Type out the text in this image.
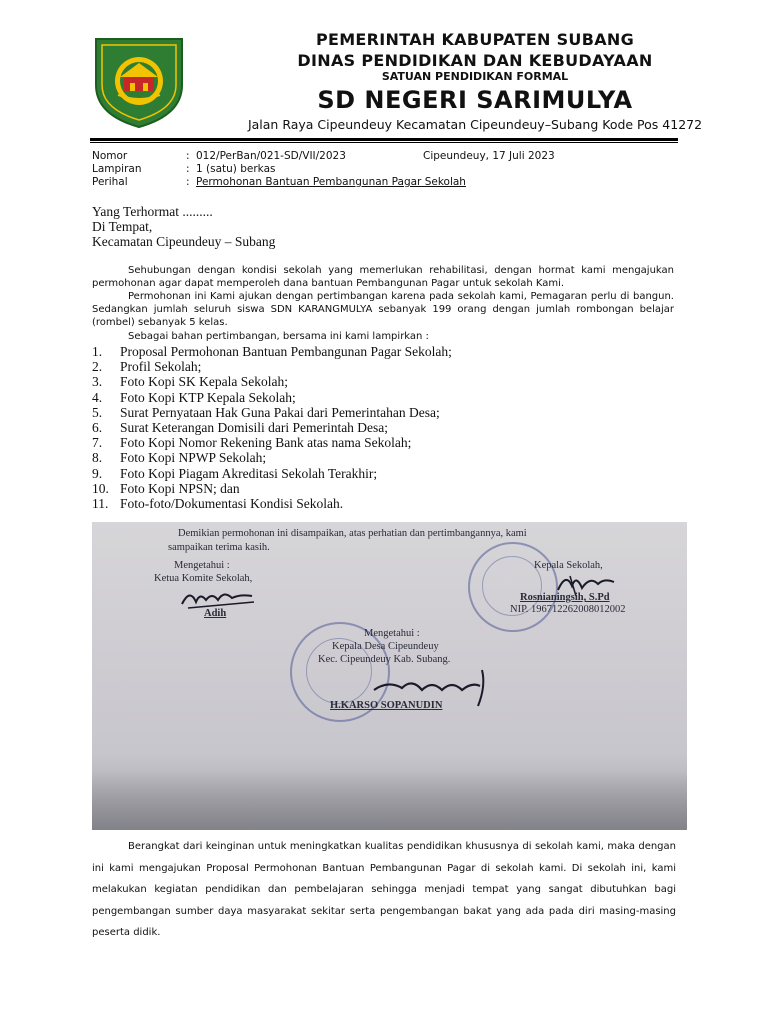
PEMERINTAH KABUPATEN SUBANG
DINAS PENDIDIKAN DAN KEBUDAYAAN
SATUAN PENDIDIKAN FORMAL
SD NEGERI SARIMULYA
Jalan Raya Cipeundeuy Kecamatan Cipeundeuy–Subang Kode Pos 41272
Nomor	: 012/PerBan/021-SD/VII/2023
Lampiran	: 1 (satu) berkas
Perihal	: Permohonan Bantuan Pembangunan Pagar Sekolah
Cipeundeuy, 17 Juli 2023
Yang Terhormat .........
Di Tempat,
Kecamatan Cipeundeuy – Subang
Sehubungan dengan kondisi sekolah yang memerlukan rehabilitasi, dengan hormat kami mengajukan permohonan agar dapat memperoleh dana bantuan Pembangunan Pagar untuk sekolah Kami.
Permohonan ini Kami ajukan dengan pertimbangan karena pada sekolah kami, Pemagaran perlu di bangun. Sedangkan jumlah seluruh siswa SDN KARANGMULYA sebanyak 199 orang dengan jumlah rombongan belajar (rombel) sebanyak 5 kelas.
Sebagai bahan pertimbangan, bersama ini kami lampirkan :
1. Proposal Permohonan Bantuan Pembangunan Pagar Sekolah;
2. Profil Sekolah;
3. Foto Kopi SK Kepala Sekolah;
4. Foto Kopi KTP Kepala Sekolah;
5. Surat Pernyataan Hak Guna Pakai dari Pemerintahan Desa;
6. Surat Keterangan Domisili dari Pemerintah Desa;
7. Foto Kopi Nomor Rekening Bank atas nama Sekolah;
8. Foto Kopi NPWP Sekolah;
9. Foto Kopi Piagam Akreditasi Sekolah Terakhir;
10. Foto Kopi NPSN; dan
11. Foto-foto/Dokumentasi Kondisi Sekolah.
Demikian permohonan ini disampaikan, atas perhatian dan pertimbangannya, kami
sampaikan terima kasih.
Mengetahui :
Ketua Komite Sekolah,
Adih
Kepala Sekolah,
Rosnianingsih, S.Pd
NIP. 196712262008012002
Mengetahui :
Kepala Desa Cipeundeuy
Kec. Cipeundeuy Kab. Subang.
H.KARSO SOPANUDIN
Berangkat dari keinginan untuk meningkatkan kualitas pendidikan khususnya di sekolah kami, maka dengan ini kami mengajukan Proposal Permohonan Bantuan Pembangunan Pagar di sekolah kami. Di sekolah ini, kami melakukan kegiatan pendidikan dan pembelajaran sehingga menjadi tempat yang sangat dibutuhkan bagi pengembangan sumber daya masyarakat sekitar serta pengembangan bakat yang ada pada diri masing-masing peserta didik.
